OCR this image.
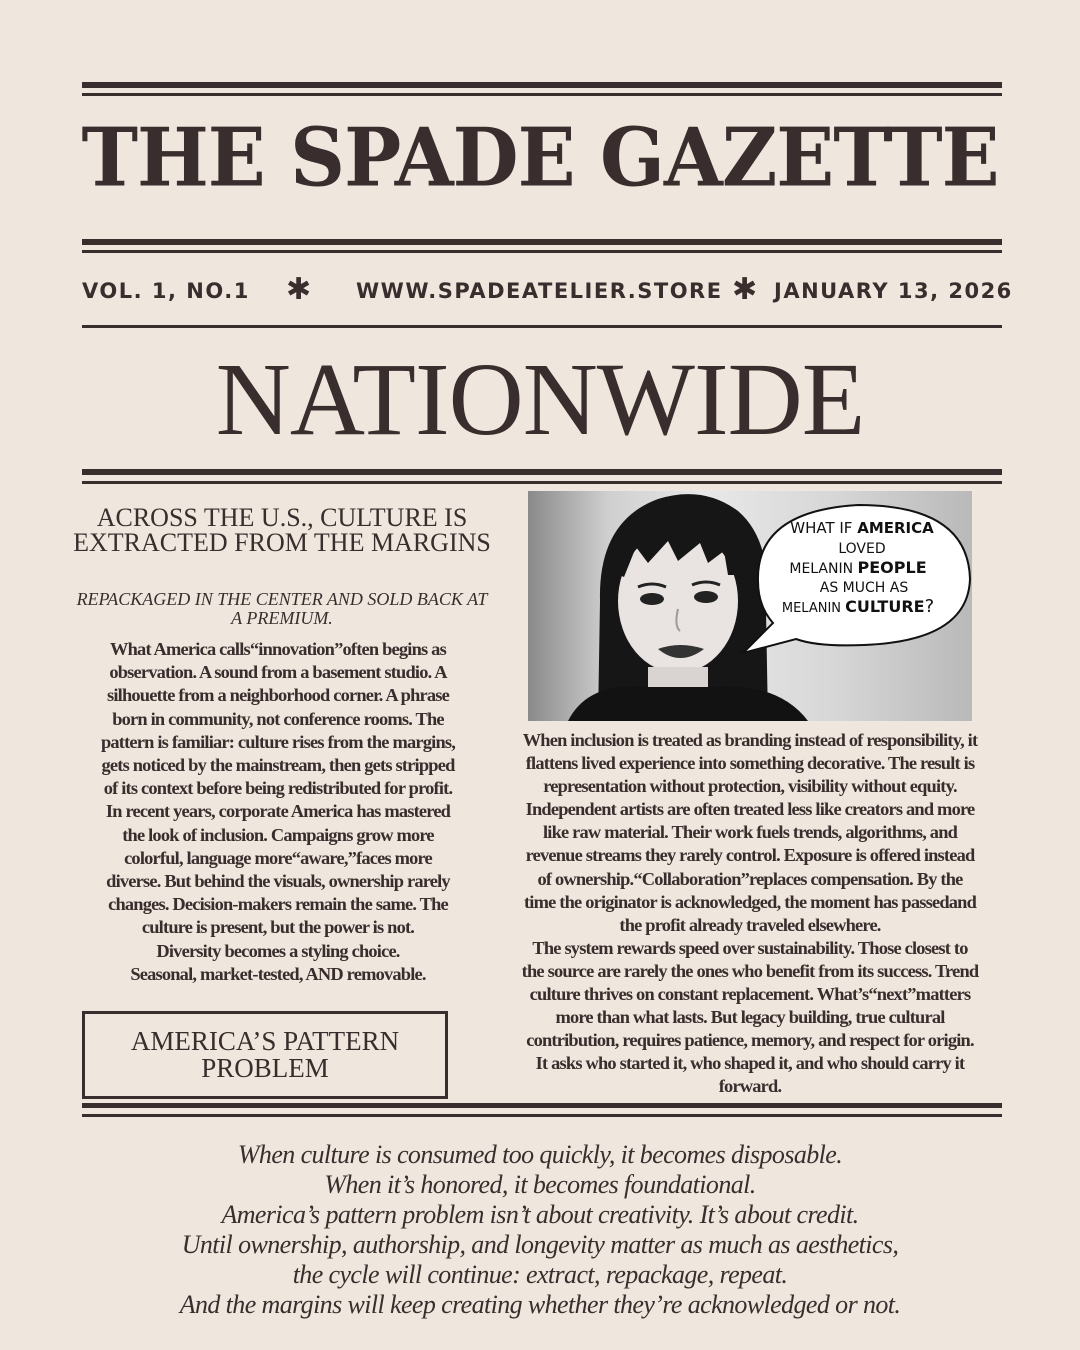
THE SPADE GAZETTE
VOL. 1, NO.1 ✱ WWW.SPADEATELIER.STORE ✱ JANUARY 13, 2026
NATIONWIDE
ACROSS THE U.S., CULTURE IS EXTRACTED FROM THE MARGINS
REPACKAGED IN THE CENTER AND SOLD BACK AT A PREMIUM.
What America calls“innovation”often begins as
observation. A sound from a basement studio. A
silhouette from a neighborhood corner. A phrase
born in community, not conference rooms. The
pattern is familiar: culture rises from the margins,
gets noticed by the mainstream, then gets stripped
of its context before being redistributed for profit.
In recent years, corporate America has mastered
the look of inclusion. Campaigns grow more
colorful, language more“aware,”faces more
diverse. But behind the visuals, ownership rarely
changes. Decision-makers remain the same. The
culture is present, but the power is not.
Diversity becomes a styling choice.
Seasonal, market-tested, AND removable.
AMERICA’S PATTERN PROBLEM
WHAT IF AMERICA
LOVED
MELANIN PEOPLE
AS MUCH AS
MELANIN CULTURE?
When inclusion is treated as branding instead of responsibility, it
flattens lived experience into something decorative. The result is
representation without protection, visibility without equity.
Independent artists are often treated less like creators and more
like raw material. Their work fuels trends, algorithms, and
revenue streams they rarely control. Exposure is offered instead
of ownership.“Collaboration”replaces compensation. By the
time the originator is acknowledged, the moment has passedand
the profit already traveled elsewhere.
The system rewards speed over sustainability. Those closest to
the source are rarely the ones who benefit from its success. Trend
culture thrives on constant replacement. What’s“next”matters
more than what lasts. But legacy building, true cultural
contribution, requires patience, memory, and respect for origin.
It asks who started it, who shaped it, and who should carry it
forward.
When culture is consumed too quickly, it becomes disposable.
When it’s honored, it becomes foundational.
America’s pattern problem isn’t about creativity. It’s about credit.
Until ownership, authorship, and longevity matter as much as aesthetics,
the cycle will continue: extract, repackage, repeat.
And the margins will keep creating whether they’re acknowledged or not.
